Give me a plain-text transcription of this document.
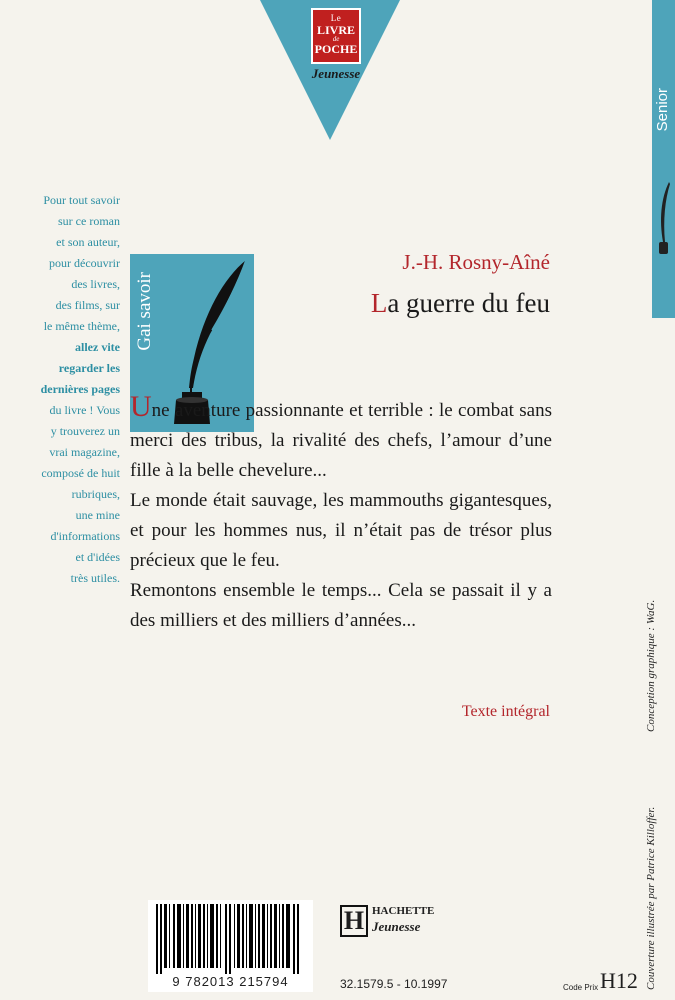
Le
LIVRE
de
POCHE
Jeunesse
Senior
Pour tout savoir
sur ce roman
et son auteur,
pour découvrir
des livres,
des films, sur
le même thème,
allez vite
regarder les
dernières pages
du livre ! Vous
y trouverez un
vrai magazine,
composé de huit
rubriques,
une mine
d'informations
et d'idées
très utiles.
Gai savoir
J.-H. Rosny-Aîné
La guerre du feu

Une aventure passionnante et terrible : le combat sans merci des tribus, la rivalité des chefs, l’amour d’une fille à la belle chevelure...

Le monde était sauvage, les mammouths gigantesques, et pour les hommes nus, il n’était pas de trésor plus précieux que le feu.

Remontons ensemble le temps... Cela se passait il y a des milliers et des milliers d’années...

Texte intégral
Couverture illustrée par Patrice Killoffer.
Conception graphique : WaG.
9 782013 215794
H HACHETTE
Jeunesse
32.1579.5 - 10.1997	Code Prix H12
